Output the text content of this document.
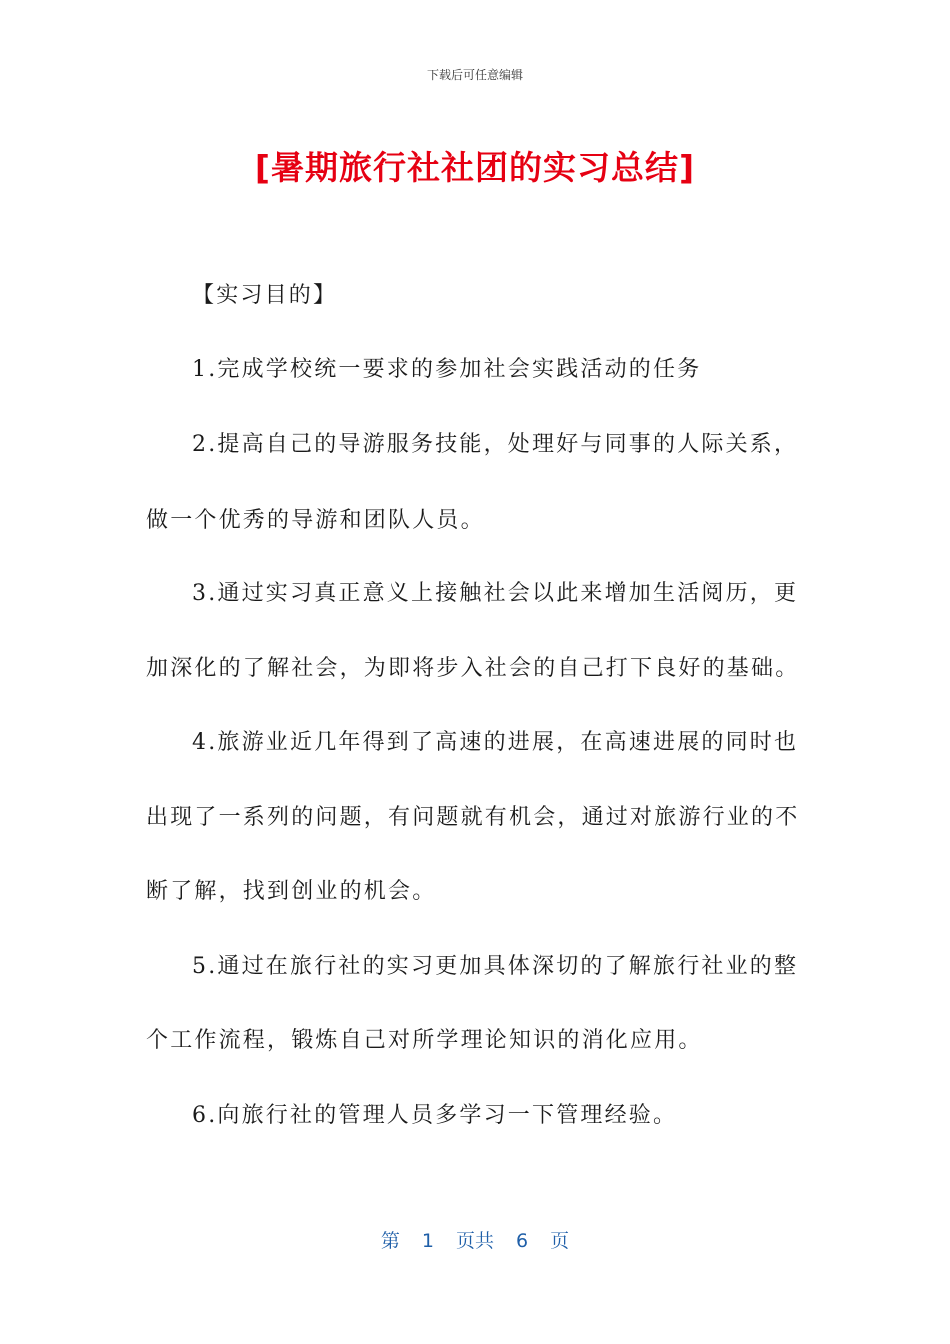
下载后可任意编辑
[暑期旅行社社团的实习总结]
【实习目的】
1.完成学校统一要求的参加社会实践活动的任务
2.提高自己的导游服务技能，处理好与同事的人际关系，
做一个优秀的导游和团队人员。
3.通过实习真正意义上接触社会以此来增加生活阅历，更
加深化的了解社会，为即将步入社会的自己打下良好的基础。
4.旅游业近几年得到了高速的进展，在高速进展的同时也
出现了一系列的问题，有问题就有机会，通过对旅游行业的不
断了解，找到创业的机会。
5.通过在旅行社的实习更加具体深切的了解旅行社业的整
个工作流程，锻炼自己对所学理论知识的消化应用。
6.向旅行社的管理人员多学习一下管理经验。
第 1 页共 6 页
